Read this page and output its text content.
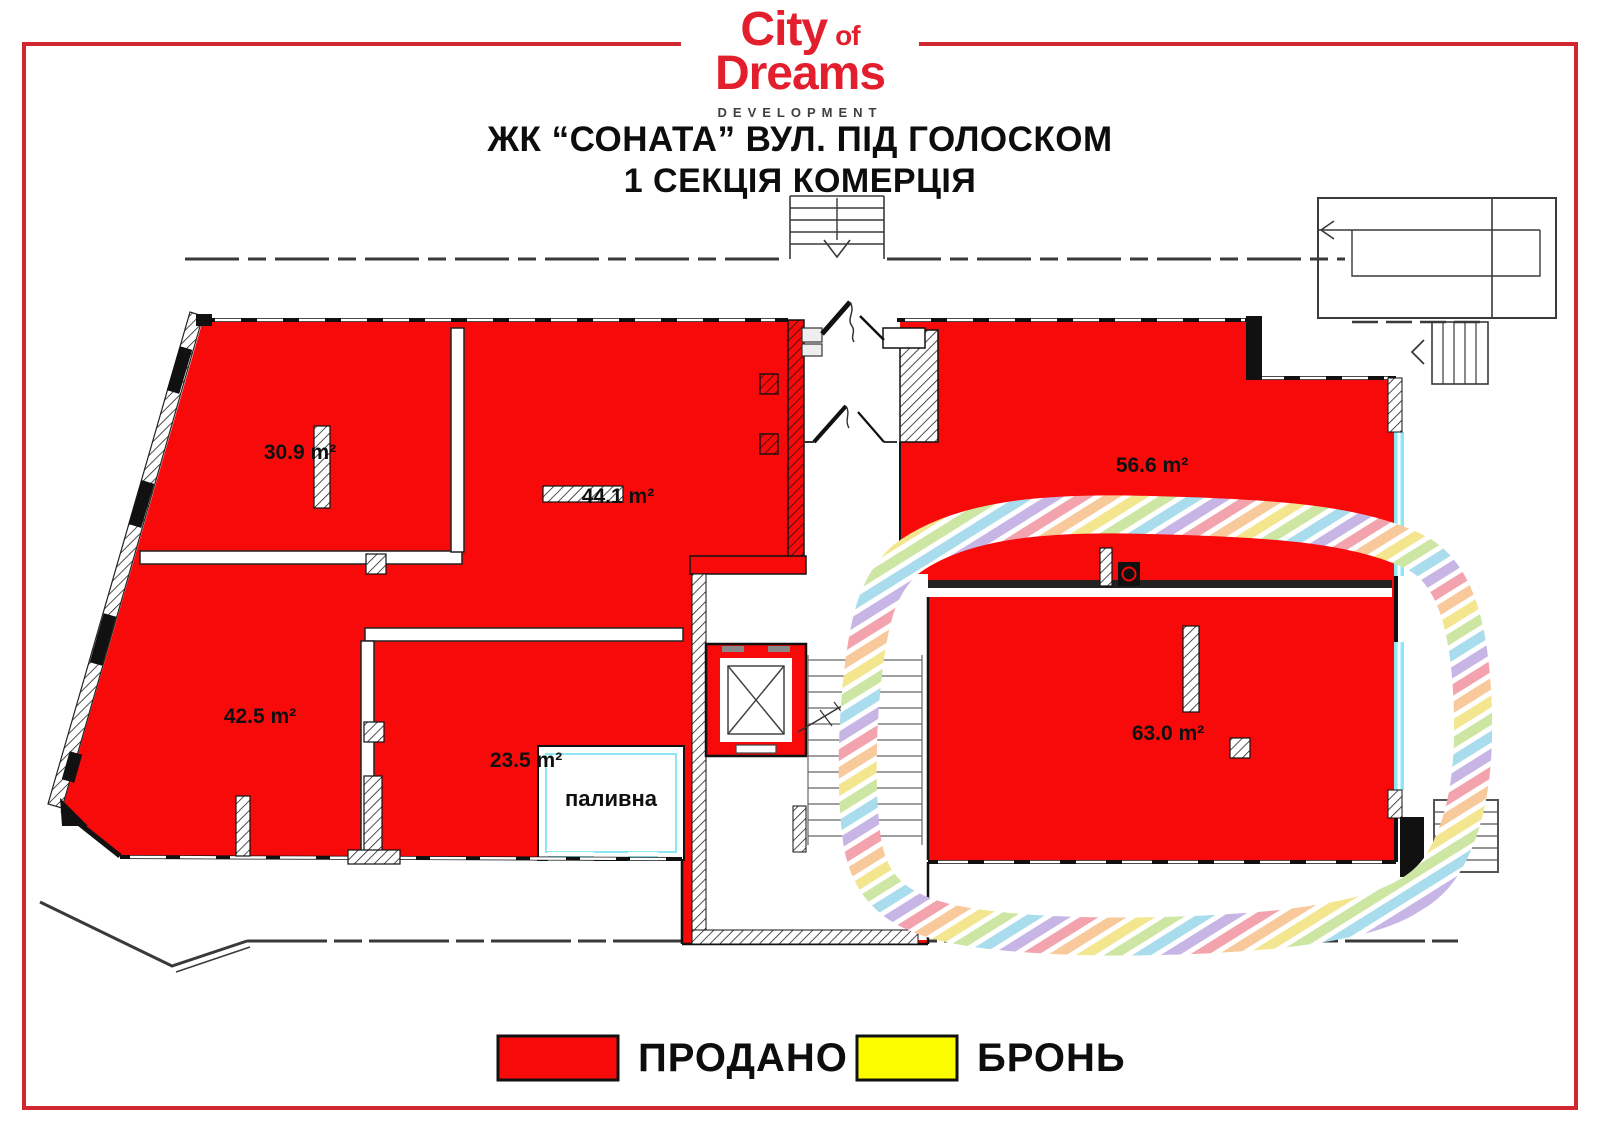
City of
Dreams
DEVELOPMENT
ЖК “СОНАТА” ВУЛ. ПІД ГОЛОСКОМ
1 СЕКЦІЯ КОМЕРЦІЯ
30.9 m²
44.1 m²
56.6 m²
42.5 m²
23.5 m²
63.0 m²
паливна
ПРОДАНО	БРОНЬ
